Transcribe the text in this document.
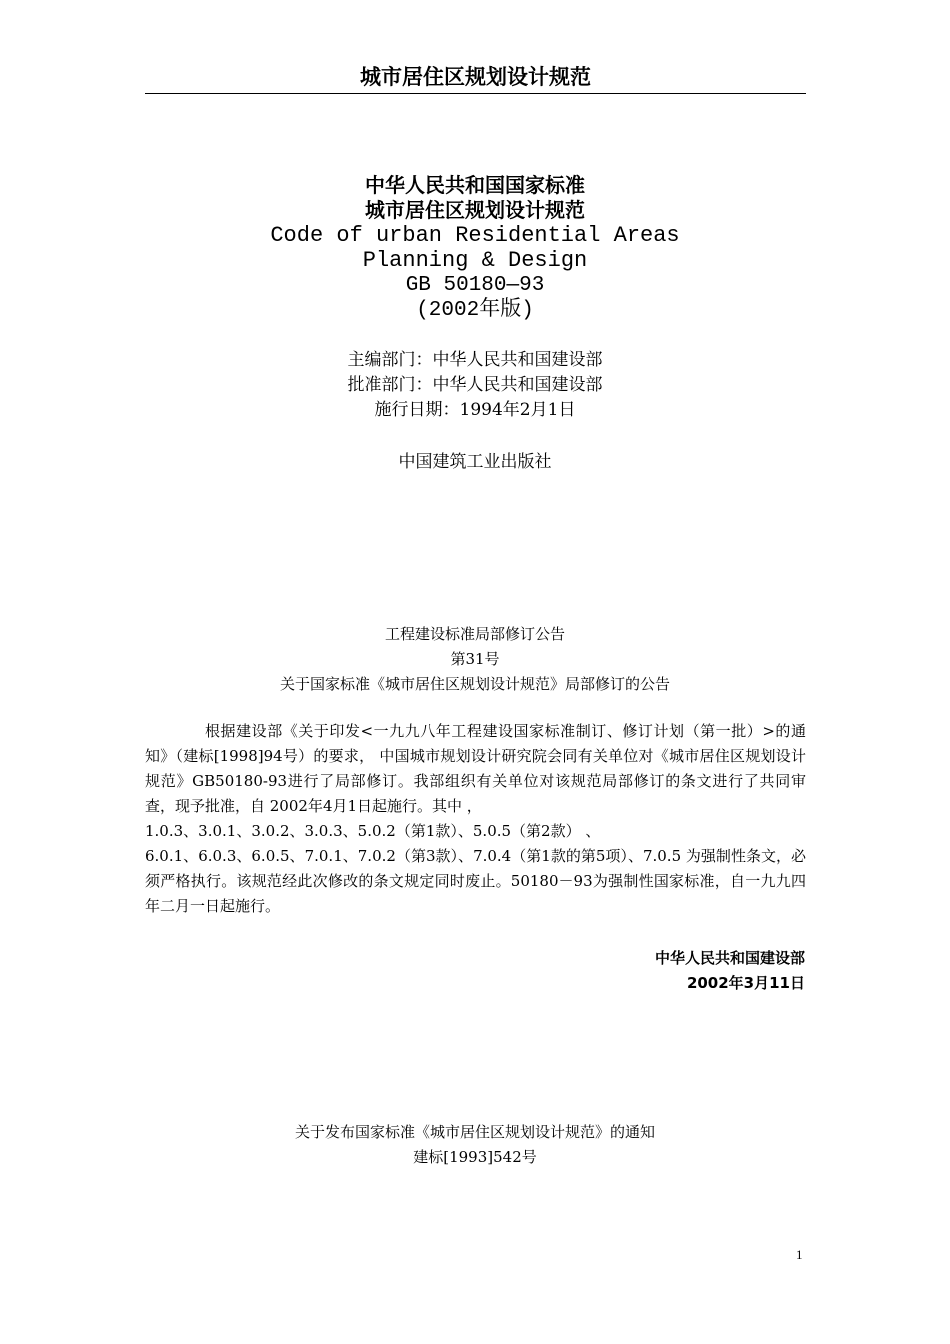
城市居住区规划设计规范
中华人民共和国国家标准
城市居住区规划设计规范
Code of urban Residential Areas
Planning & Design
GB 50180—93
(2002年版)
主编部门：中华人民共和国建设部
批准部门：中华人民共和国建设部
施行日期：1994年2月1日
中国建筑工业出版社
工程建设标准局部修订公告
第31号
关于国家标准《城市居住区规划设计规范》局部修订的公告

根据建设部《关于印发<一九九八年工程建设国家标准制订、修订计划（第一批）>的通知》（建标[1998]94号）的要求， 中国城市规划设计研究院会同有关单位对《城市居住区规划设计规范》GB50180-93进行了局部修订。我部组织有关单位对该规范局部修订的条文进行了共同审查，现予批准，自 2002年4月1日起施行。其中 ，

1.0.3、3.0.1、3.0.2、3.0.3、5.0.2（第1款）、5.0.5（第2款） 、

6.0.1、6.0.3、6.0.5、7.0.1、7.0.2（第3款）、7.0.4（第1款的第5项）、7.0.5 为强制性条文，必须严格执行。该规范经此次修改的条文规定同时废止。50180－93为强制性国家标准，自一九九四年二月一日起施行。

中华人民共和国建设部
2002年3月11日
关于发布国家标准《城市居住区规划设计规范》的通知
建标[1993]542号
1
